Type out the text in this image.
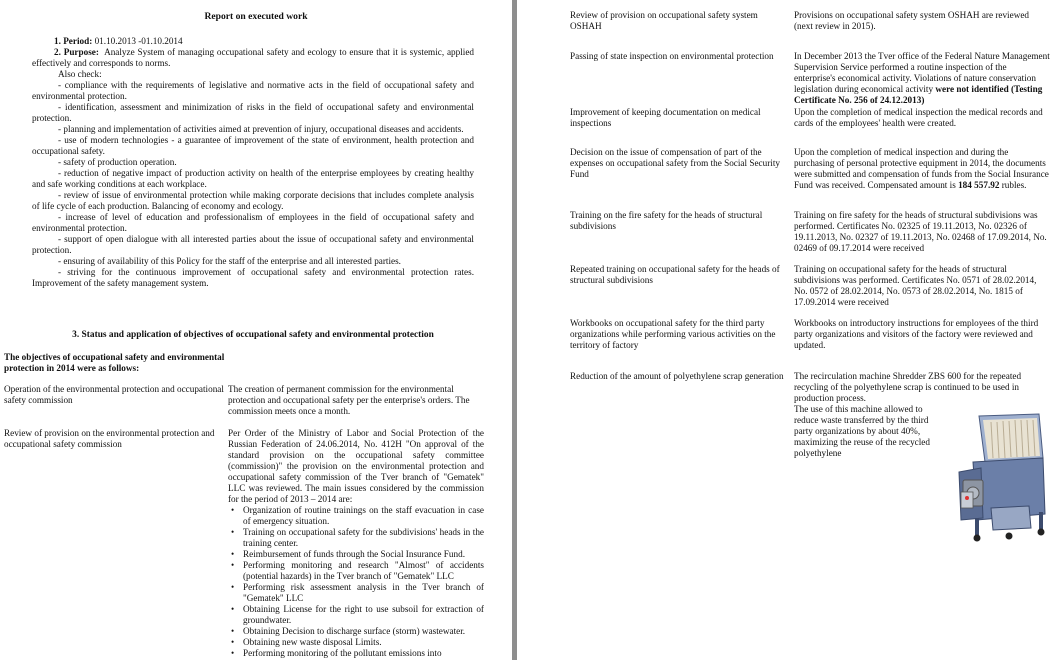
Report on executed work

1. Period: 01.10.2013 -01.10.2014

2. Purpose: Analyze System of managing occupational safety and ecology to ensure that it is systemic, applied effectively and corresponds to norms.

Also check:

- compliance with the requirements of legislative and normative acts in the field of occupational safety and environmental protection.

- identification, assessment and minimization of risks in the field of occupational safety and environmental protection.

- planning and implementation of activities aimed at prevention of injury, occupational diseases and accidents.

- use of modern technologies - a guarantee of improvement of the state of environment, health protection and occupational safety.

- safety of production operation.

- reduction of negative impact of production activity on health of the enterprise employees by creating healthy and safe working conditions at each workplace.

- review of issue of environmental protection while making corporate decisions that includes complete analysis of life cycle of each production. Balancing of economy and ecology.

- increase of level of education and professionalism of employees in the field of occupational safety and environmental protection.

- support of open dialogue with all interested parties about the issue of occupational safety and environmental protection.

- ensuring of availability of this Policy for the staff of the enterprise and all interested parties.

- striving for the continuous improvement of occupational safety and environmental protection rates. Improvement of the safety management system.

3. Status and application of objectives of occupational safety and environmental protection
The objectives of occupational safety and environmental protection in 2014 were as follows:
Operation of the environmental protection and occupational safety commission
The creation of permanent commission for the environmental protection and occupational safety per the enterprise's orders. The commission meets once a month.
Review of provision on the environmental protection and occupational safety commission
Per Order of the Ministry of Labor and Social Protection of the Russian Federation of 24.06.2014, No. 412H "On approval of the standard provision on the occupational safety committee (commission)" the provision on the environmental protection and occupational safety commission of the Tver branch of "Gematek" LLC was reviewed. The main issues considered by the commission for the period of 2013 – 2014 are:
• Organization of routine trainings on the staff evacuation in case of emergency situation.
• Training on occupational safety for the subdivisions' heads in the training center.
• Reimbursement of funds through the Social Insurance Fund.
• Performing monitoring and research "Almost" of accidents (potential hazards) in the Tver branch of "Gematek" LLC
• Performing risk assessment analysis in the Tver branch of "Gematek" LLC
• Obtaining License for the right to use subsoil for extraction of groundwater.
• Obtaining Decision to discharge surface (storm) wastewater.
• Obtaining new waste disposal Limits.
• Performing monitoring of the pollutant emissions into
Review of provision on occupational safety system OSHAH
Provisions on occupational safety system OSHAH are reviewed (next review in 2015).
Passing of state inspection on environmental protection	In December 2013 the Tver office of the Federal Nature Management Supervision Service performed a routine inspection of the enterprise's economical activity. Violations of nature conservation legislation during economical activity were not identified (Testing Certificate No. 256 of 24.12.2013)
Improvement of keeping documentation on medical inspections
Upon the completion of medical inspection the medical records and cards of the employees' health were created.
Decision on the issue of compensation of part of the expenses on occupational safety from the Social Security Fund
Upon the completion of medical inspection and during the purchasing of personal protective equipment in 2014, the documents were submitted and compensation of funds from the Social Insurance Fund was received. Compensated amount is 184 557.92 rubles.
Training on the fire safety for the heads of structural subdivisions
Training on fire safety for the heads of structural subdivisions was performed. Certificates No. 02325 of 19.11.2013, No. 02326 of 19.11.2013, No. 02327 of 19.11.2013, No. 02468 of 17.09.2014, No. 02469 of 09.17.2014 were received
Repeated training on occupational safety for the heads of structural subdivisions
Training on occupational safety for the heads of structural subdivisions was performed. Certificates No. 0571 of 28.02.2014, No. 0572 of 28.02.2014, No. 0573 of 28.02.2014, No. 1815 of 17.09.2014 were received
Workbooks on occupational safety for the third party organizations while performing various activities on the territory of factory
Workbooks on introductory instructions for employees of the third party organizations and visitors of the factory were reviewed and updated.
Reduction of the amount of polyethylene scrap generation The recirculation machine Shredder ZBS 600 for the repeated recycling of the polyethylene scrap is continued to be used in production process.
The use of this machine allowed to reduce waste transferred by the third party organizations by about 40%, maximizing the reuse of the recycled polyethylene
